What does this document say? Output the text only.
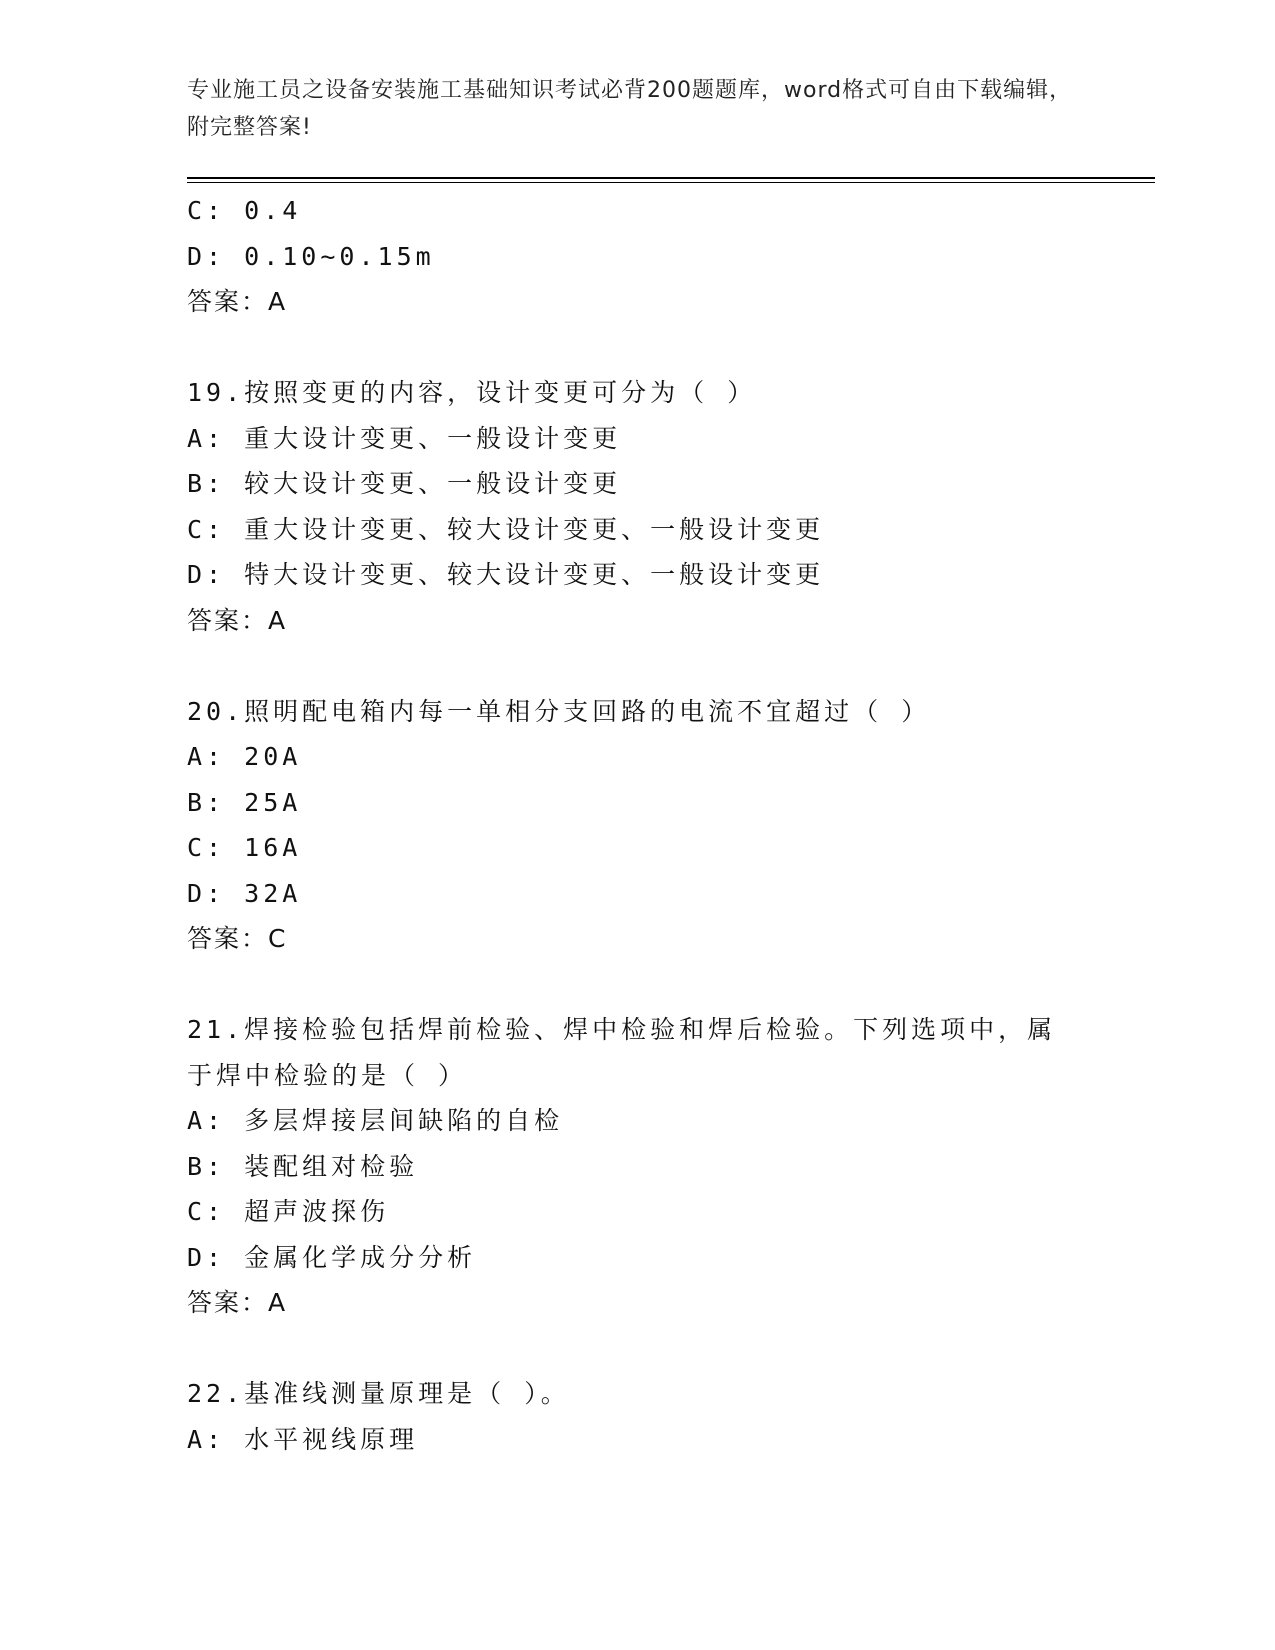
专业施工员之设备安装施工基础知识考试必背200题题库，word格式可自由下载编辑，附完整答案!
C: 0.4
D: 0.10~0.15m
答案：A
19.按照变更的内容，设计变更可分为（ ）
A: 重大设计变更、一般设计变更
B: 较大设计变更、一般设计变更
C: 重大设计变更、较大设计变更、一般设计变更
D: 特大设计变更、较大设计变更、一般设计变更
答案：A
20.照明配电箱内每一单相分支回路的电流不宜超过（ ）
A: 20A
B: 25A
C: 16A
D: 32A
答案：C
21.焊接检验包括焊前检验、焊中检验和焊后检验。下列选项中，属于焊中检验的是（ ）
A: 多层焊接层间缺陷的自检
B: 装配组对检验
C: 超声波探伤
D: 金属化学成分分析
答案：A
22.基准线测量原理是（ ）。
A: 水平视线原理
